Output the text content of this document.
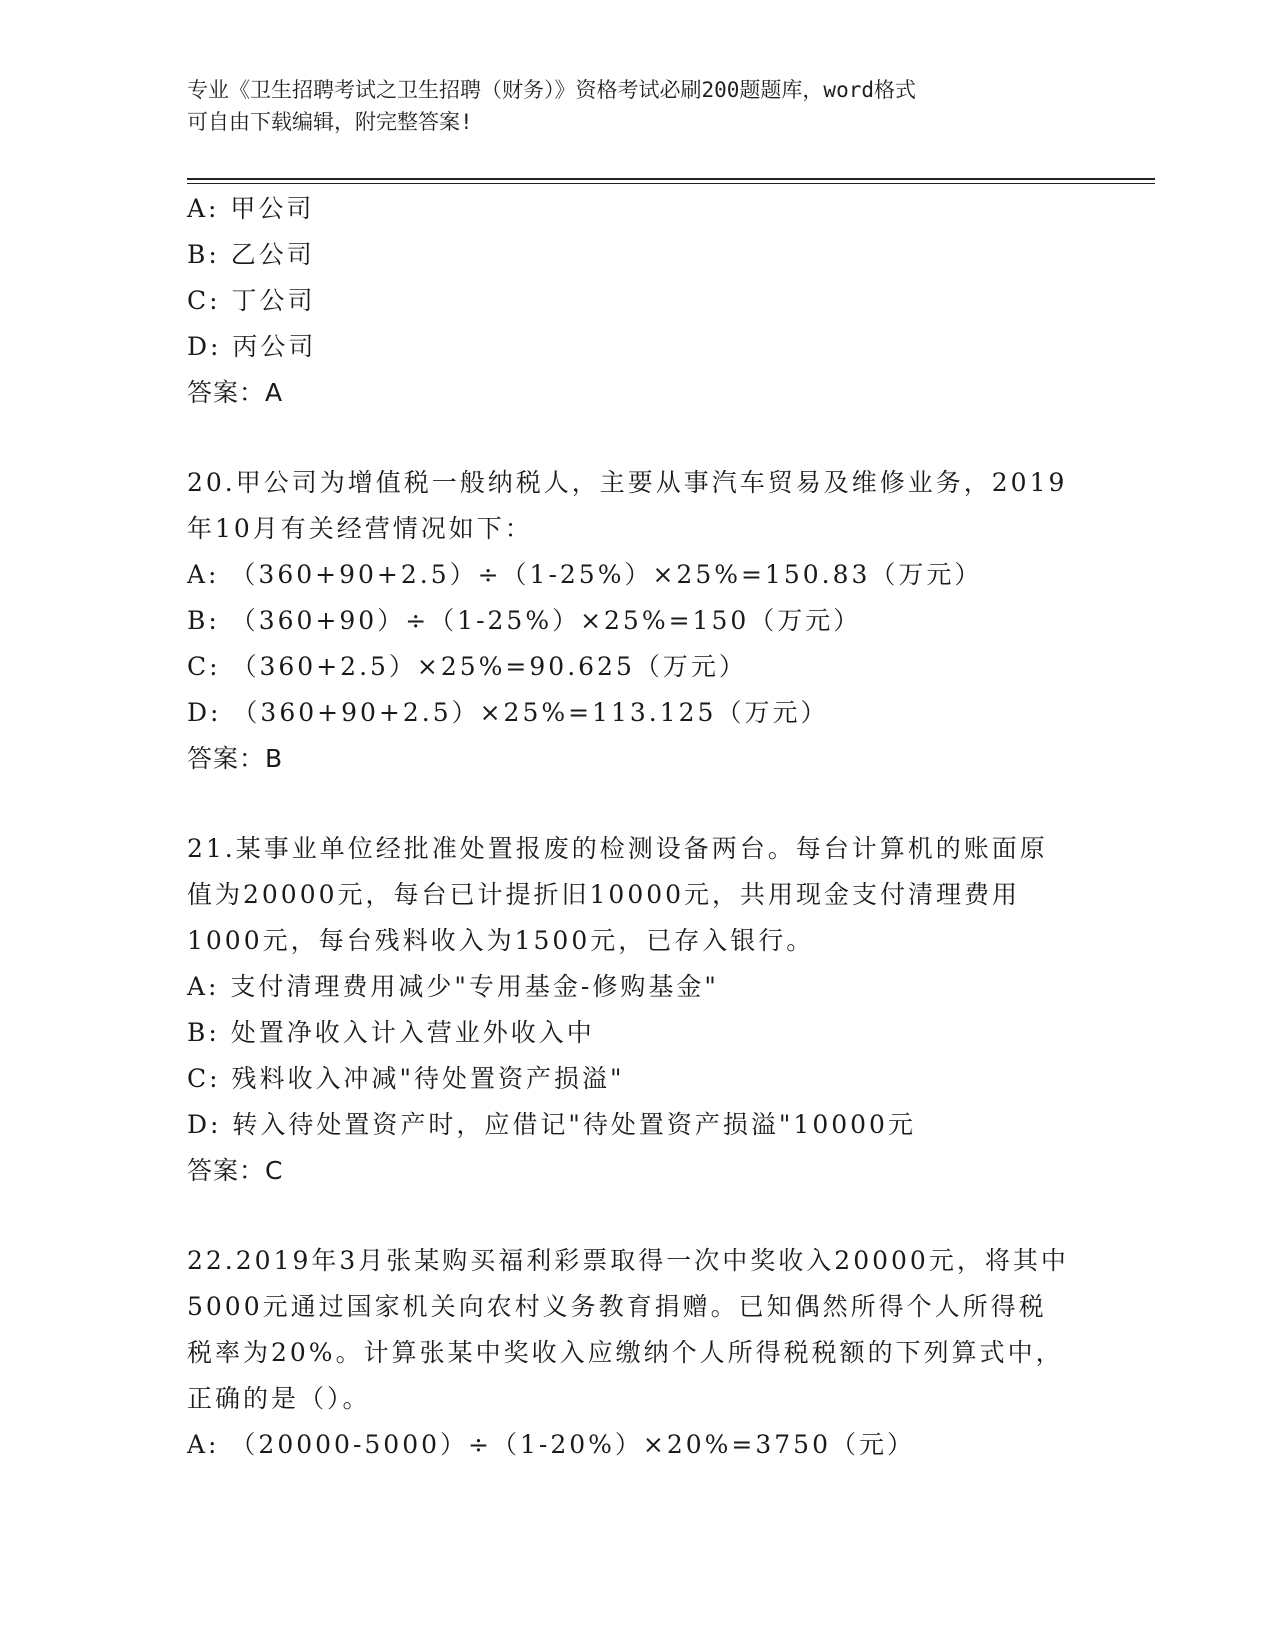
专业《卫生招聘考试之卫生招聘（财务）》资格考试必刷200题题库，word格式
可自由下载编辑，附完整答案!
A: 甲公司
B: 乙公司
C: 丁公司
D: 丙公司
答案：A
20.甲公司为增值税一般纳税人，主要从事汽车贸易及维修业务，2019
年10月有关经营情况如下：
A: （360+90+2.5）÷（1-25%）×25%=150.83（万元）
B: （360+90）÷（1-25%）×25%=150（万元）
C: （360+2.5）×25%=90.625（万元）
D: （360+90+2.5）×25%=113.125（万元）
答案：B
21.某事业单位经批准处置报废的检测设备两台。每台计算机的账面原
值为20000元，每台已计提折旧10000元，共用现金支付清理费用
1000元，每台残料收入为1500元，已存入银行。
A: 支付清理费用减少"专用基金-修购基金"
B: 处置净收入计入营业外收入中
C: 残料收入冲减"待处置资产损溢"
D: 转入待处置资产时，应借记"待处置资产损溢"10000元
答案：C
22.2019年3月张某购买福利彩票取得一次中奖收入20000元，将其中
5000元通过国家机关向农村义务教育捐赠。已知偶然所得个人所得税
税率为20%。计算张某中奖收入应缴纳个人所得税税额的下列算式中，
正确的是（）。
A: （20000-5000）÷（1-20%）×20%=3750（元）
